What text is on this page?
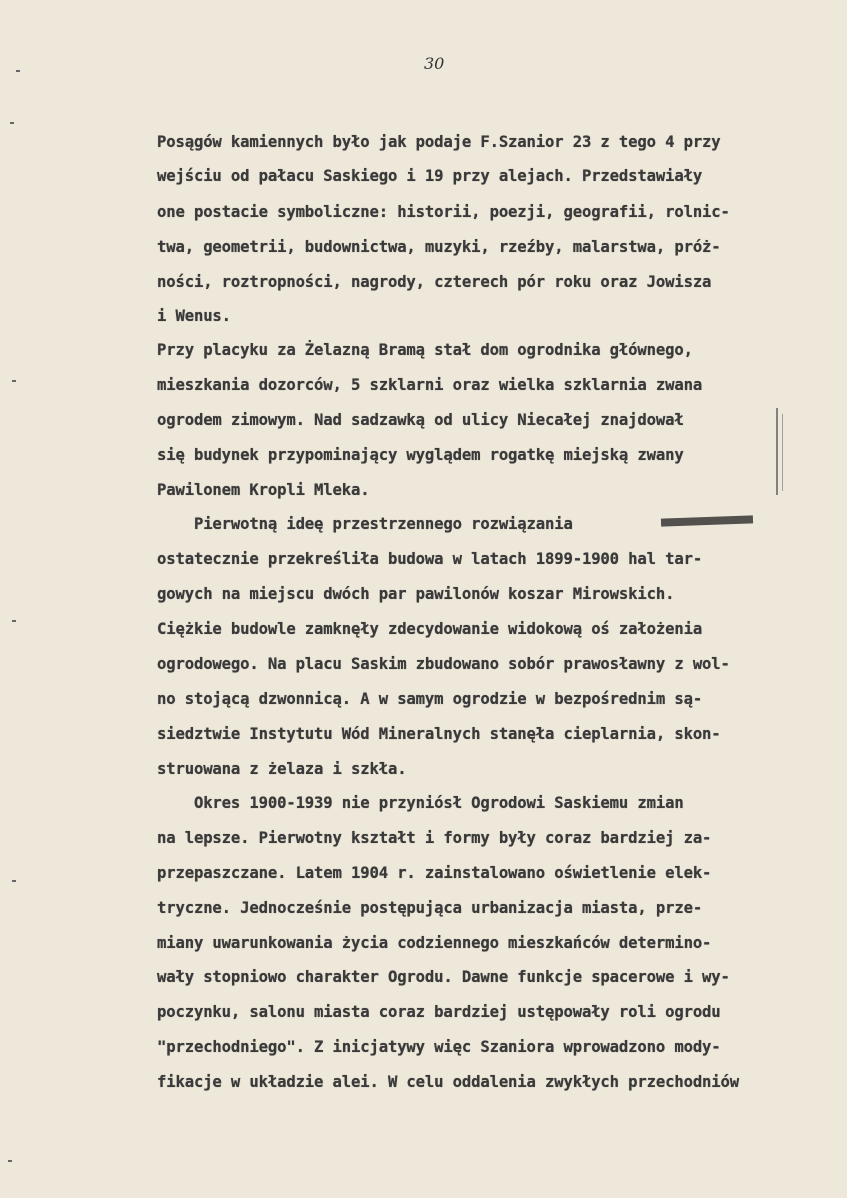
30
Posągów kamiennych było jak podaje F.Szanior 23 z tego 4 przy
wejściu od pałacu Saskiego i 19 przy alejach. Przedstawiały
one postacie symboliczne: historii, poezji, geografii, rolnic-
twa, geometrii, budownictwa, muzyki, rzeźby, malarstwa, próż-
ności, roztropności, nagrody, czterech pór roku oraz Jowisza
i Wenus.
Przy placyku za Żelazną Bramą stał dom ogrodnika głównego,
mieszkania dozorców, 5 szklarni oraz wielka szklarnia zwana
ogrodem zimowym. Nad sadzawką od ulicy Niecałej znajdował
się budynek przypominający wyglądem rogatkę miejską zwany
Pawilonem Kropli Mleka.
Pierwotną ideę przestrzennego rozwiązania
ostatecznie przekreśliła budowa w latach 1899-1900 hal tar-
gowych na miejscu dwóch par pawilonów koszar Mirowskich.
Ciężkie budowle zamknęły zdecydowanie widokową oś założenia
ogrodowego. Na placu Saskim zbudowano sobór prawosławny z wol-
no stojącą dzwonnicą. A w samym ogrodzie w bezpośrednim są-
siedztwie Instytutu Wód Mineralnych stanęła cieplarnia, skon-
struowana z żelaza i szkła.
Okres 1900-1939 nie przyniósł Ogrodowi Saskiemu zmian
na lepsze. Pierwotny kształt i formy były coraz bardziej za-
przepaszczane. Latem 1904 r. zainstalowano oświetlenie elek-
tryczne. Jednocześnie postępująca urbanizacja miasta, prze-
miany uwarunkowania życia codziennego mieszkańców determino-
wały stopniowo charakter Ogrodu. Dawne funkcje spacerowe i wy-
poczynku, salonu miasta coraz bardziej ustępowały roli ogrodu
"przechodniego". Z inicjatywy więc Szaniora wprowadzono mody-
fikacje w układzie alei. W celu oddalenia zwykłych przechodniów
